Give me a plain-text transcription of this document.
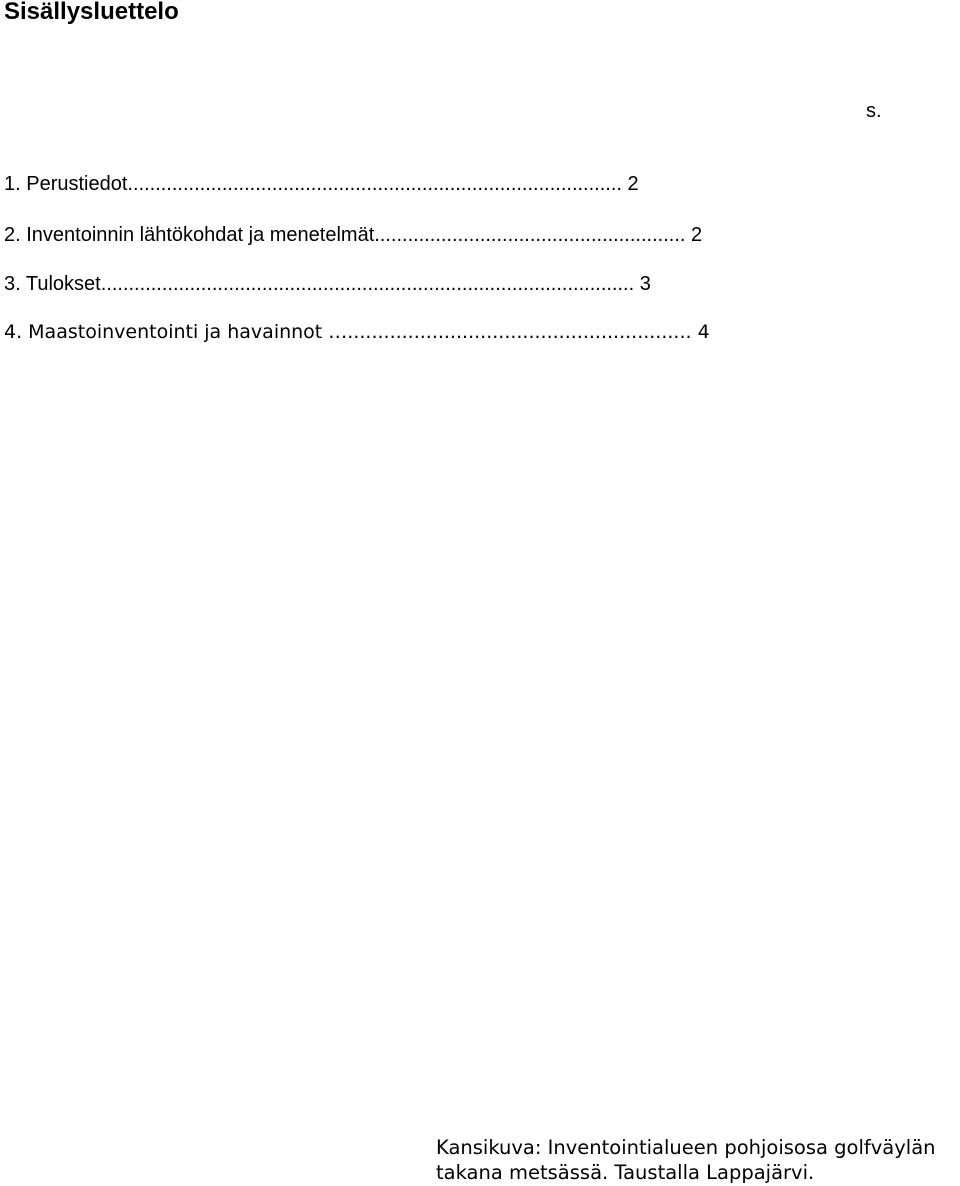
Sisällysluettelo
s.
1. Perustiedot......................................................................................... 2
2. Inventoinnin lähtökohdat ja menetelmät........................................................ 2
3. Tulokset................................................................................................ 3
4. Maastoinventointi ja havainnot …......................................................... 4
Kansikuva: Inventointialueen pohjoisosa golfväylän
takana metsässä. Taustalla Lappajärvi.
